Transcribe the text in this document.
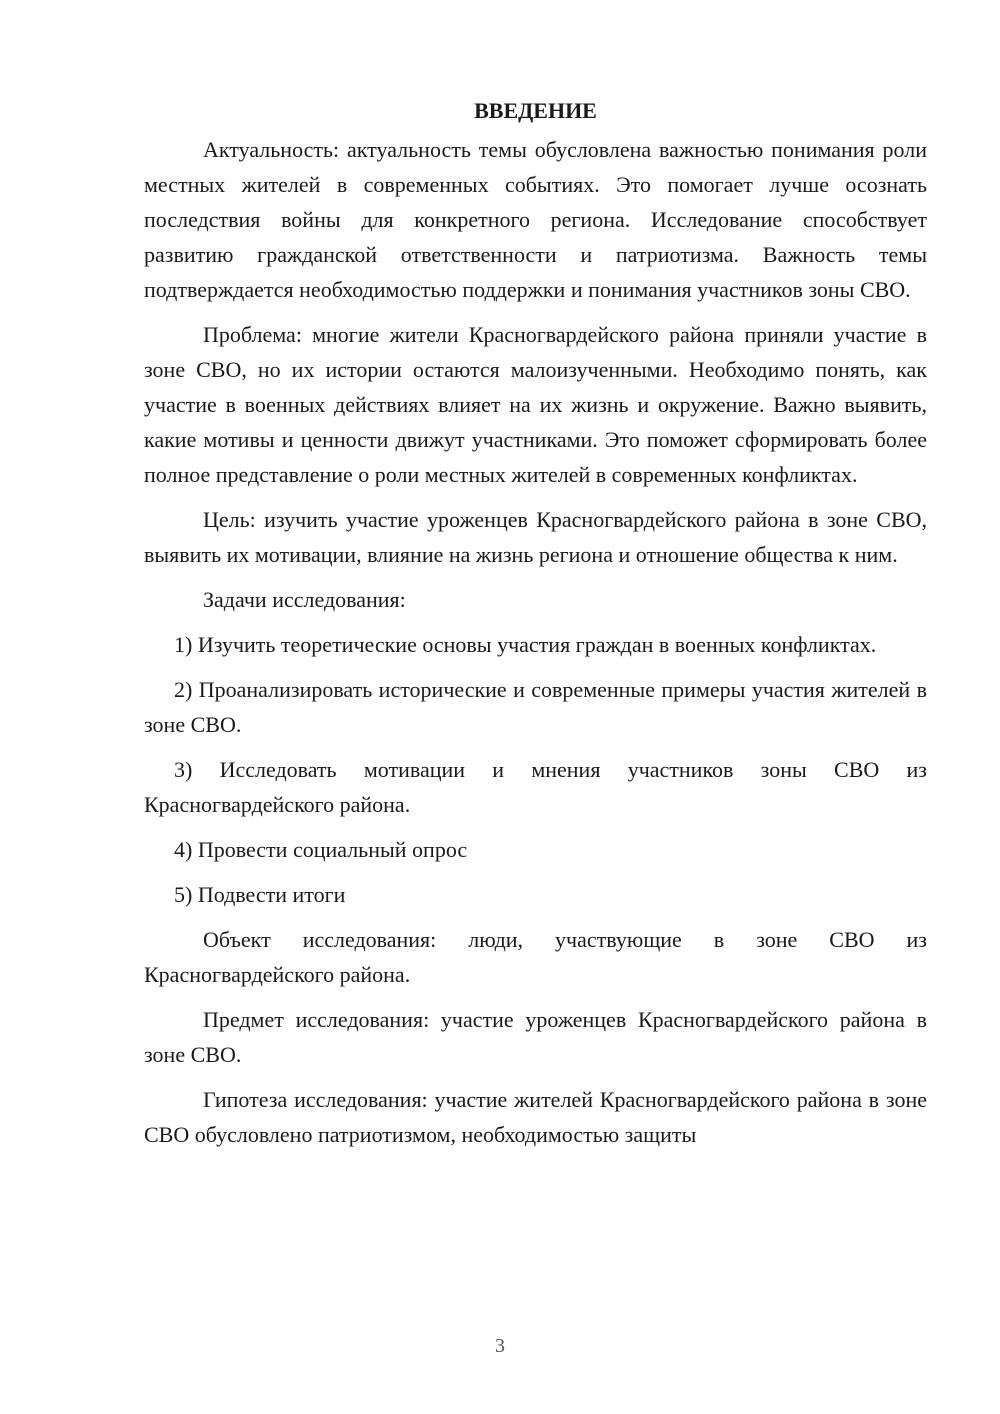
ВВЕДЕНИЕ

Актуальность: актуальность темы обусловлена важностью понимания роли местных жителей в современных событиях. Это помогает лучше осознать последствия войны для конкретного региона. Исследование способствует развитию гражданской ответственности и патриотизма. Важность темы подтверждается необходимостью поддержки и понимания участников зоны СВО.

Проблема: многие жители Красногвардейского района приняли участие в зоне СВО, но их истории остаются малоизученными. Необходимо понять, как участие в военных действиях влияет на их жизнь и окружение. Важно выявить, какие мотивы и ценности движут участниками. Это поможет сформировать более полное представление о роли местных жителей в современных конфликтах.

Цель: изучить участие уроженцев Красногвардейского района в зоне СВО, выявить их мотивации, влияние на жизнь региона и отношение общества к ним.

Задачи исследования:

1) Изучить теоретические основы участия граждан в военных конфликтах.

2) Проанализировать исторические и современные примеры участия жителей в зоне СВО.

3) Исследовать мотивации и мнения участников зоны СВО из Красногвардейского района.

4) Провести социальный опрос

5) Подвести итоги

Объект исследования: люди, участвующие в зоне СВО из Красногвардейского района.

Предмет исследования: участие уроженцев Красногвардейского района в зоне СВО.

Гипотеза исследования: участие жителей Красногвардейского района в зоне СВО обусловлено патриотизмом, необходимостью защиты

3
